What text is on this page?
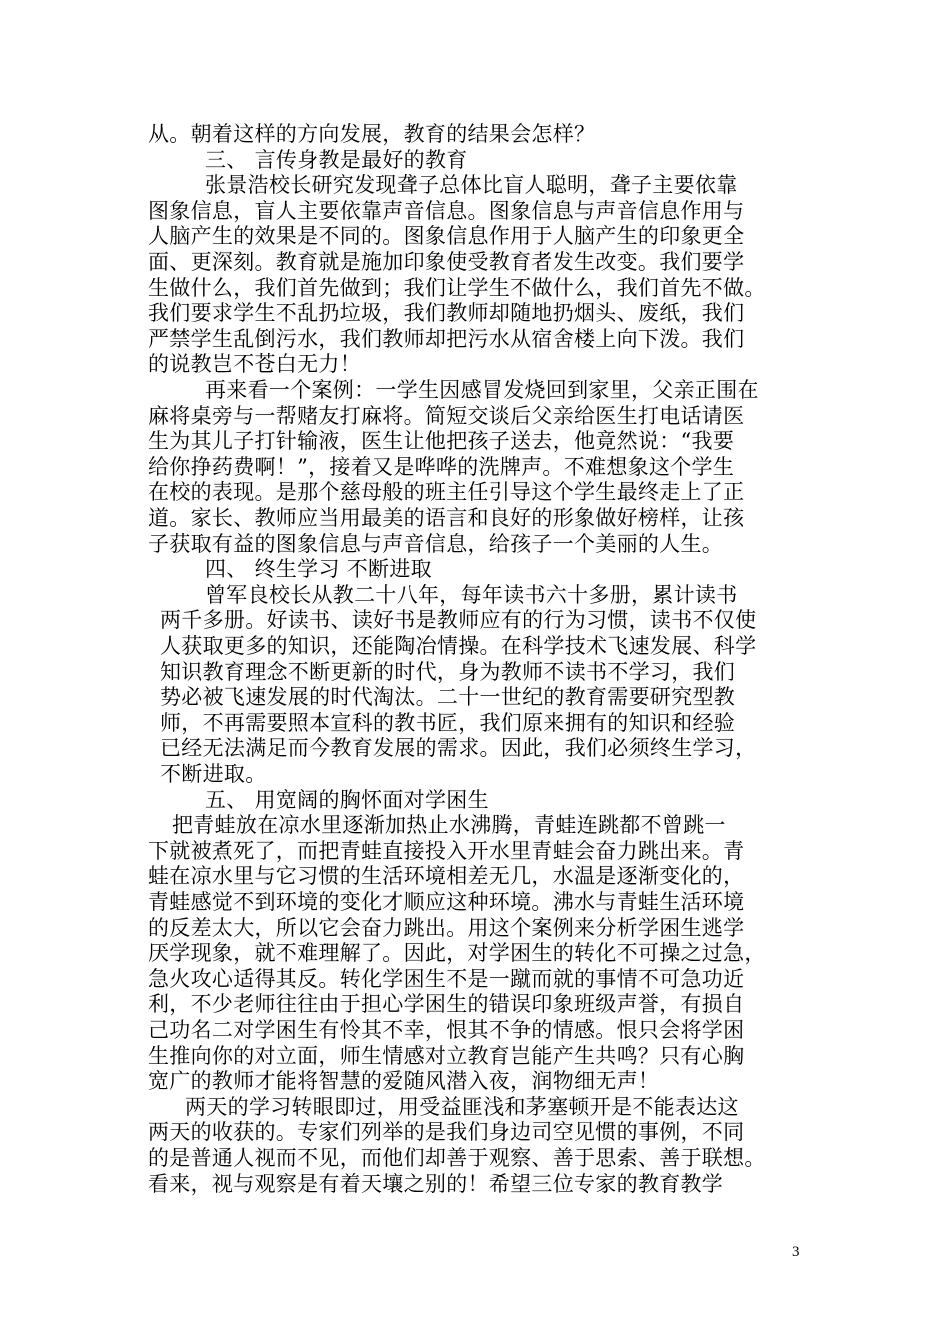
从。朝着这样的方向发展，教育的结果会怎样？
三、 言传身教是最好的教育
张景浩校长研究发现聋子总体比盲人聪明，聋子主要依靠
图象信息，盲人主要依靠声音信息。图象信息与声音信息作用与
人脑产生的效果是不同的。图象信息作用于人脑产生的印象更全
面、更深刻。教育就是施加印象使受教育者发生改变。我们要学
生做什么，我们首先做到；我们让学生不做什么，我们首先不做。
我们要求学生不乱扔垃圾，我们教师却随地扔烟头、废纸，我们
严禁学生乱倒污水，我们教师却把污水从宿舍楼上向下泼。我们
的说教岂不苍白无力！
再来看一个案例：一学生因感冒发烧回到家里，父亲正围在
麻将桌旁与一帮赌友打麻将。简短交谈后父亲给医生打电话请医
生为其儿子打针输液，医生让他把孩子送去，他竟然说：“我要
给你挣药费啊！”，接着又是哗哗的洗牌声。不难想象这个学生
在校的表现。是那个慈母般的班主任引导这个学生最终走上了正
道。家长、教师应当用最美的语言和良好的形象做好榜样，让孩
子获取有益的图象信息与声音信息，给孩子一个美丽的人生。
四、 终生学习 不断进取
曾军良校长从教二十八年，每年读书六十多册，累计读书
两千多册。好读书、读好书是教师应有的行为习惯，读书不仅使
人获取更多的知识，还能陶冶情操。在科学技术飞速发展、科学
知识教育理念不断更新的时代，身为教师不读书不学习，我们
势必被飞速发展的时代淘汰。二十一世纪的教育需要研究型教
师，不再需要照本宣科的教书匠，我们原来拥有的知识和经验
已经无法满足而今教育发展的需求。因此，我们必须终生学习，
不断进取。
五、 用宽阔的胸怀面对学困生
把青蛙放在凉水里逐渐加热止水沸腾，青蛙连跳都不曾跳一
下就被煮死了，而把青蛙直接投入开水里青蛙会奋力跳出来。青
蛙在凉水里与它习惯的生活环境相差无几，水温是逐渐变化的，
青蛙感觉不到环境的变化才顺应这种环境。沸水与青蛙生活环境
的反差太大，所以它会奋力跳出。用这个案例来分析学困生逃学
厌学现象，就不难理解了。因此，对学困生的转化不可操之过急，
急火攻心适得其反。转化学困生不是一蹴而就的事情不可急功近
利，不少老师往往由于担心学困生的错误印象班级声誉，有损自
己功名二对学困生有怜其不幸，恨其不争的情感。恨只会将学困
生推向你的对立面，师生情感对立教育岂能产生共鸣？只有心胸
宽广的教师才能将智慧的爱随风潜入夜，润物细无声！
两天的学习转眼即过，用受益匪浅和茅塞顿开是不能表达这
两天的收获的。专家们列举的是我们身边司空见惯的事例，不同
的是普通人视而不见，而他们却善于观察、善于思索、善于联想。
看来，视与观察是有着天壤之别的！希望三位专家的教育教学
3
